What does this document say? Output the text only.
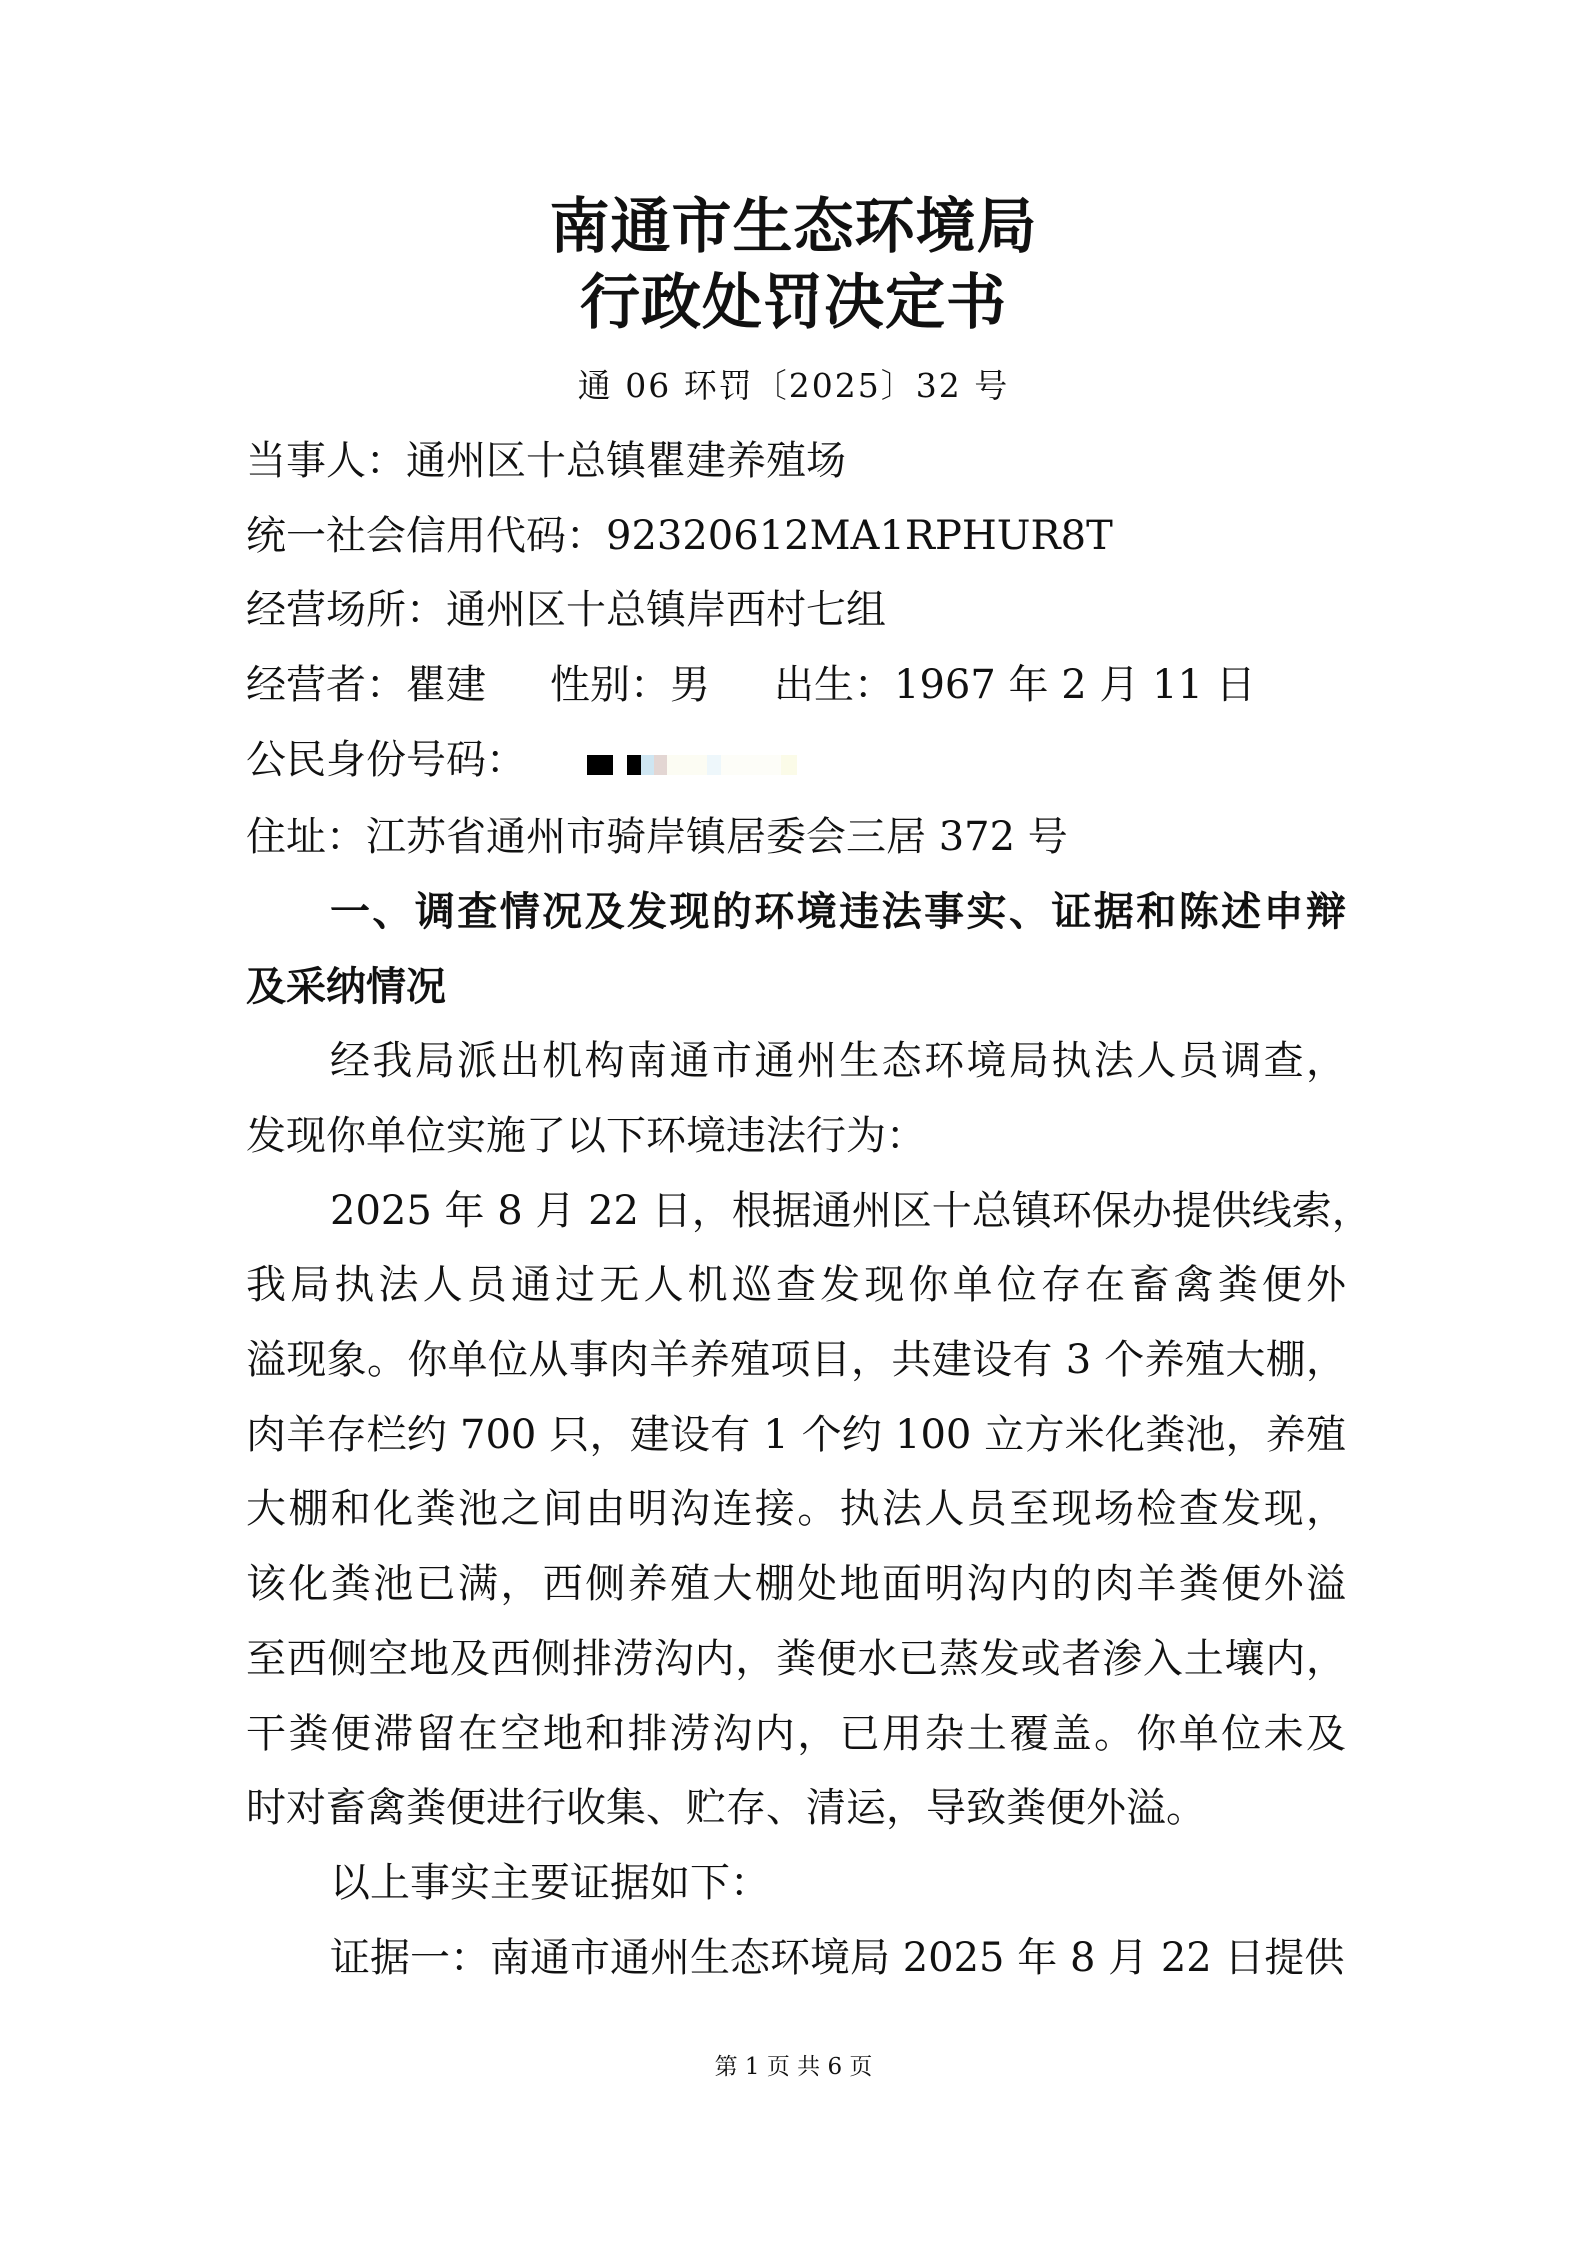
南通市生态环境局
行政处罚决定书
通 06 环罚〔2025〕32 号
当事人：通州区十总镇瞿建养殖场
统一社会信用代码：92320612MA1RPHUR8T
经营场所：通州区十总镇岸西村七组
经营者：瞿建 性别：男 出生：1967 年 2 月 11 日
公民身份号码：
住址：江苏省通州市骑岸镇居委会三居 372 号
一、调查情况及发现的环境违法事实、证据和陈述申辩
及采纳情况
经我局派出机构南通市通州生态环境局执法人员调查，
发现你单位实施了以下环境违法行为：
2025 年 8 月 22 日，根据通州区十总镇环保办提供线索，
我局执法人员通过无人机巡查发现你单位存在畜禽粪便外
溢现象。你单位从事肉羊养殖项目，共建设有 3 个养殖大棚，
肉羊存栏约 700 只，建设有 1 个约 100 立方米化粪池，养殖
大棚和化粪池之间由明沟连接。执法人员至现场检查发现，
该化粪池已满，西侧养殖大棚处地面明沟内的肉羊粪便外溢
至西侧空地及西侧排涝沟内，粪便水已蒸发或者渗入土壤内，
干粪便滞留在空地和排涝沟内，已用杂土覆盖。你单位未及
时对畜禽粪便进行收集、贮存、清运，导致粪便外溢。
以上事实主要证据如下：
证据一：南通市通州生态环境局 2025 年 8 月 22 日提供
第 1 页 共 6 页
